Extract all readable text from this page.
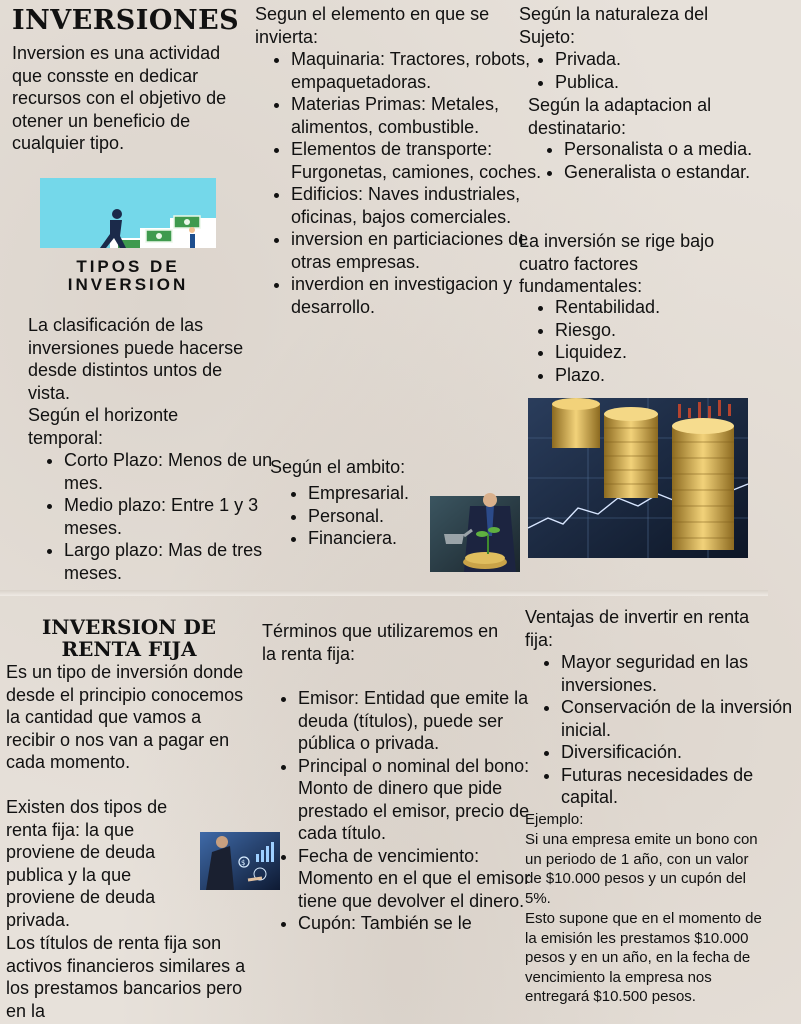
INVERSIONES

Inversion es una actividad que consste en dedicar recursos con el objetivo de otener un beneficio de cualquier tipo.

TIPOS DE INVERSION

La clasificación de las inversiones puede hacerse desde distintos untos de vista.

Según el horizonte temporal:

• Corto Plazo: Menos de un mes.
• Medio plazo: Entre 1 y 3 meses.
• Largo plazo: Mas de tres meses.

Segun el elemento en que se invierta:

• Maquinaria: Tractores, robots, empaquetadoras.
• Materias Primas: Metales, alimentos, combustible.
• Elementos de transporte: Furgonetas, camiones, coches.
• Edificios: Naves industriales, oficinas, bajos comerciales.
• inversion en particiaciones de otras empresas.
• inverdion en investigacion y desarrollo.

Según el ambito:

• Empresarial.
• Personal.
• Financiera.

Según la naturaleza del Sujeto:

• Privada.
• Publica.

Según la adaptacion al destinatario:

• Personalista o a media.
• Generalista o estandar.

La inversión se rige bajo cuatro factores fundamentales:

• Rentabilidad.
• Riesgo.
• Liquidez.
• Plazo.
INVERSION DE RENTA FIJA

Es un tipo de inversión donde desde el principio conocemos la cantidad que vamos a recibir o nos van a pagar en cada momento.

Existen dos tipos de renta fija: la que proviene de deuda publica y la que proviene de deuda privada.

$

Los títulos de renta fija son activos financieros similares a los prestamos bancarios pero en la

Términos que utilizaremos en la renta fija:

• Emisor: Entidad que emite la deuda (títulos), puede ser pública o privada.
• Principal o nominal del bono: Monto de dinero que pide prestado el emisor, precio de cada título.
• Fecha de vencimiento: Momento en el que el emisor tiene que devolver el dinero.
• Cupón: También se le

Ventajas de invertir en renta fija:

• Mayor seguridad en las inversiones.
• Conservación de la inversión inicial.
• Diversificación.
• Futuras necesidades de capital.

Ejemplo:

Si una empresa emite un bono con un periodo de 1 año, con un valor de $10.000 pesos y un cupón del 5%.

Esto supone que en el momento de la emisión les prestamos $10.000 pesos y en un año, en la fecha de vencimiento la empresa nos entregará $10.500 pesos.
